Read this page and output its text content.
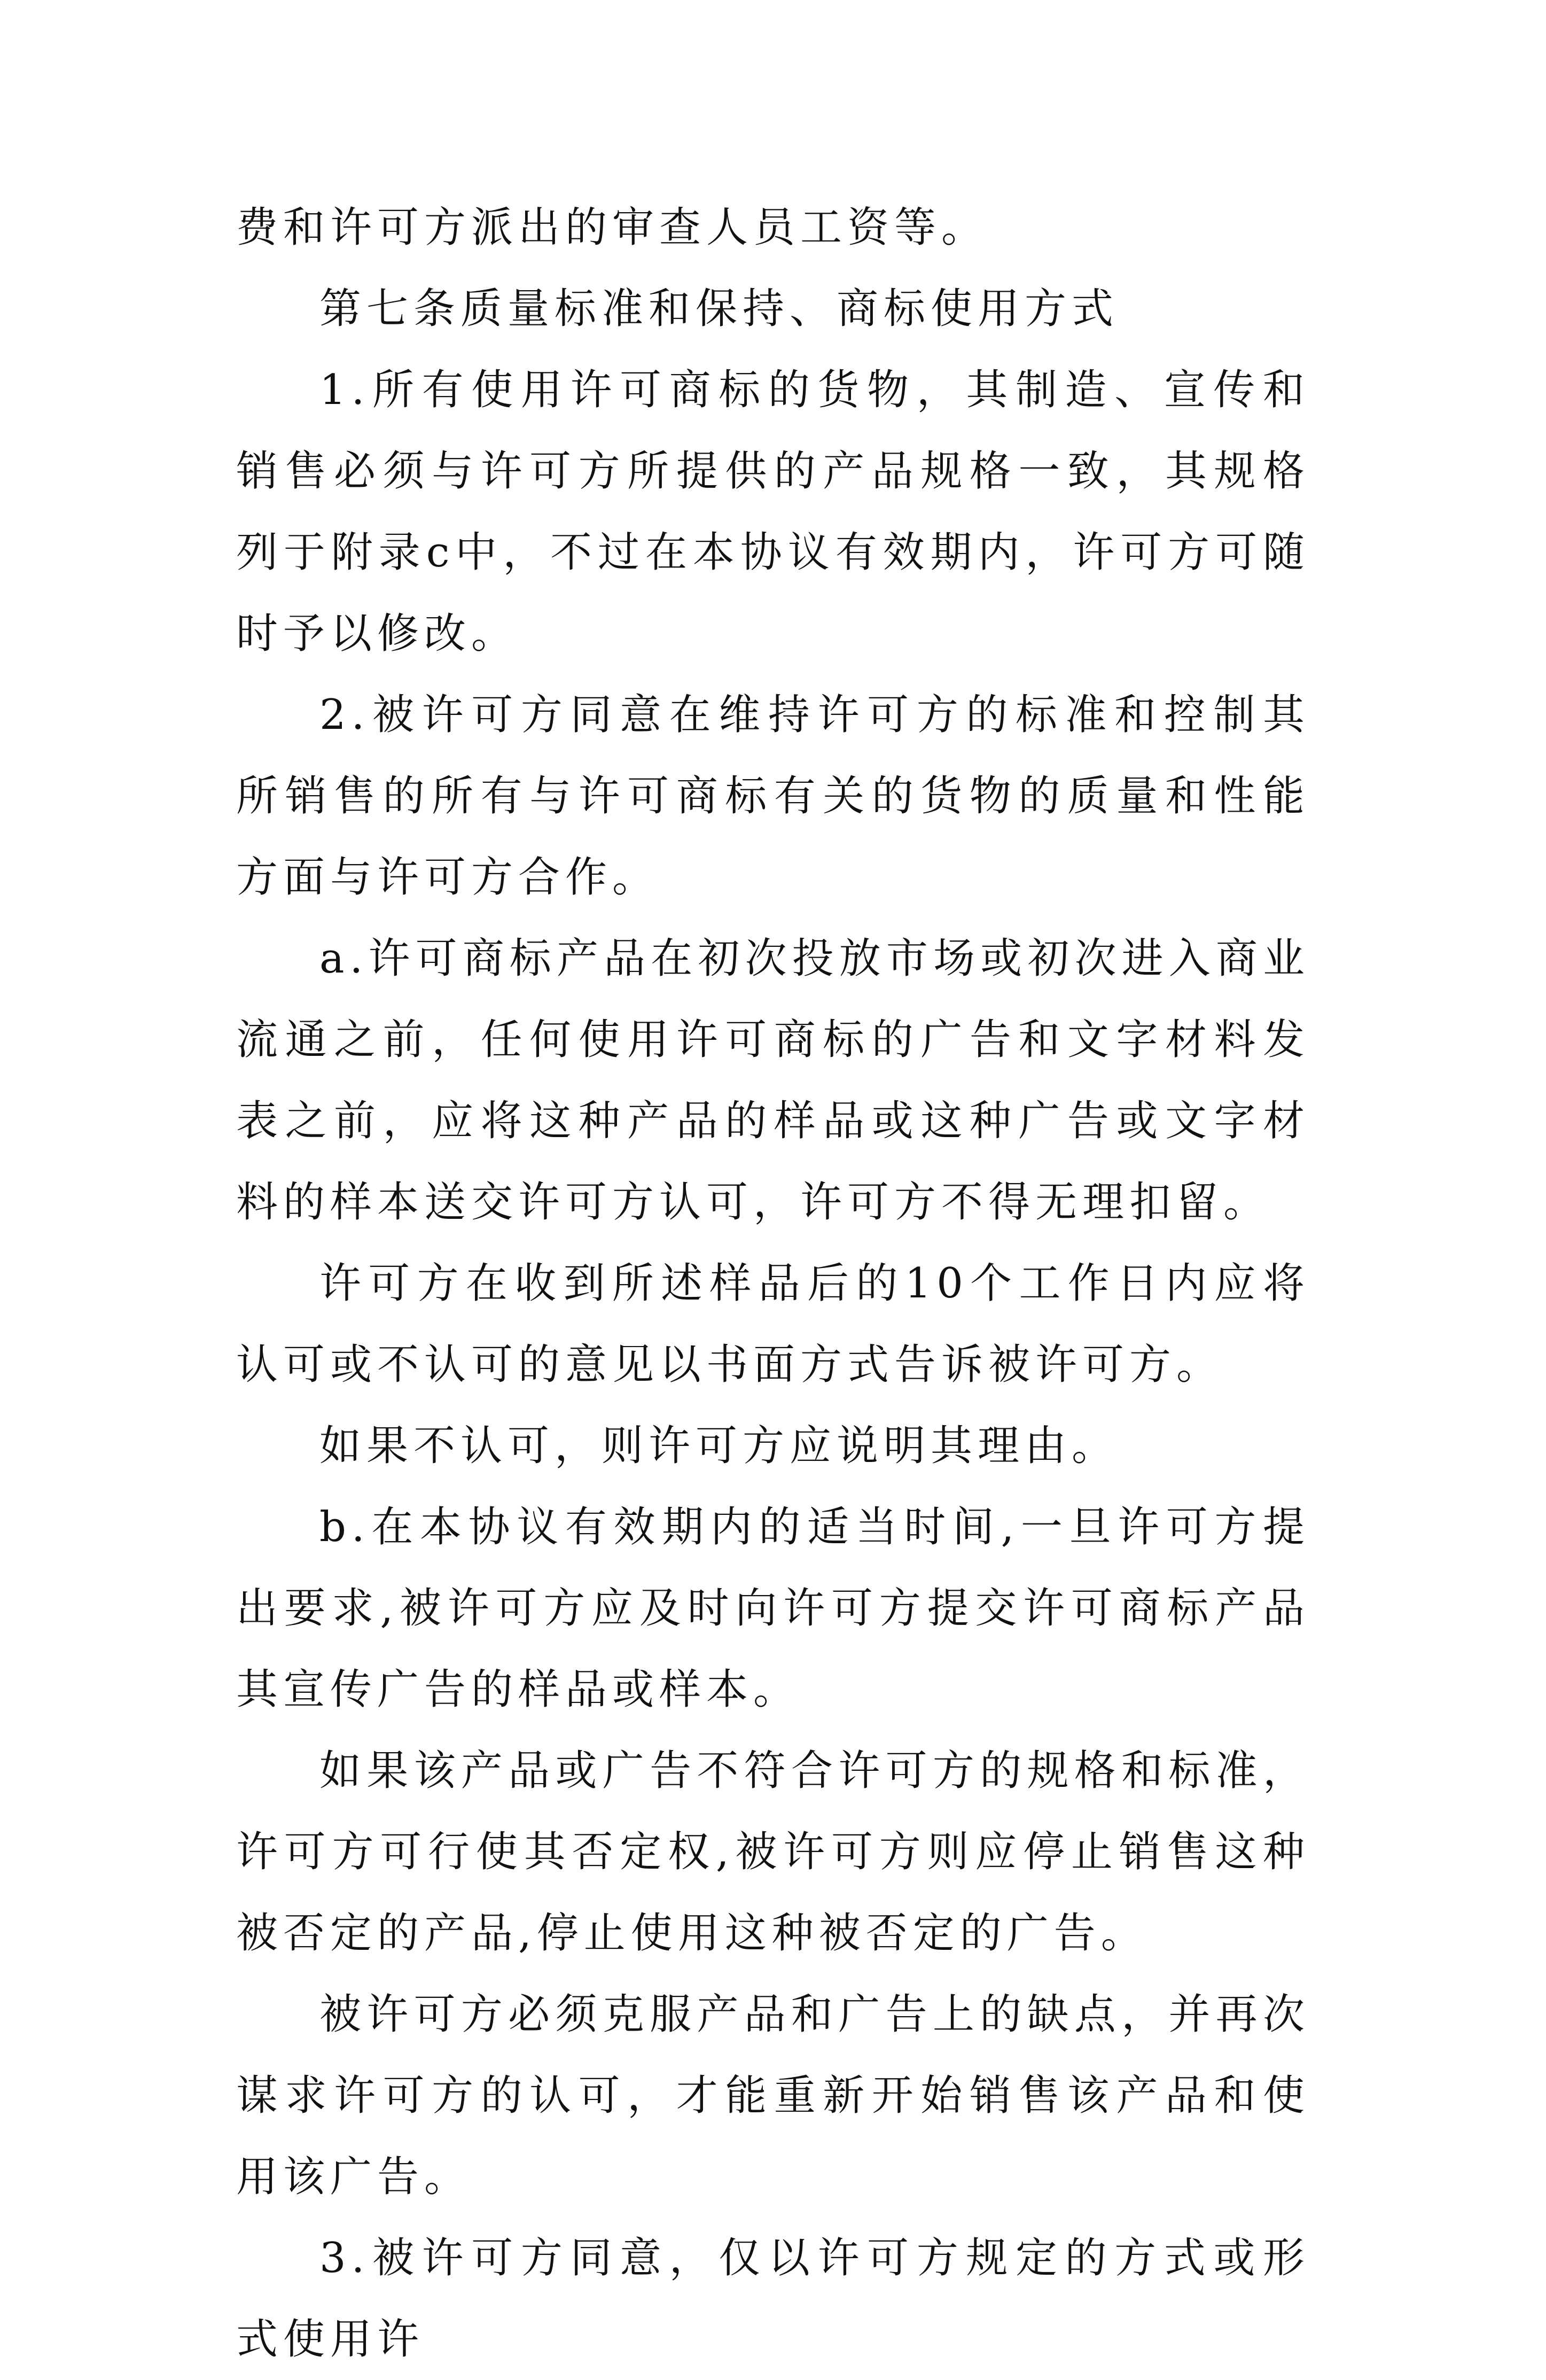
费和许可方派出的审查人员工资等。

第七条质量标准和保持、商标使用方式

1.所有使用许可商标的货物，其制造、宣传和销售必须与许可方所提供的产品规格一致，其规格列于附录c中，不过在本协议有效期内，许可方可随时予以修改。

2.被许可方同意在维持许可方的标准和控制其所销售的所有与许可商标有关的货物的质量和性能方面与许可方合作。

a.许可商标产品在初次投放市场或初次进入商业流通之前，任何使用许可商标的广告和文字材料发表之前，应将这种产品的样品或这种广告或文字材料的样本送交许可方认可，许可方不得无理扣留。

许可方在收到所述样品后的10个工作日内应将认可或不认可的意见以书面方式告诉被许可方。

如果不认可，则许可方应说明其理由。

b.在本协议有效期内的适当时间,一旦许可方提出要求,被许可方应及时向许可方提交许可商标产品其宣传广告的样品或样本。

如果该产品或广告不符合许可方的规格和标准，许可方可行使其否定权,被许可方则应停止销售这种被否定的产品,停止使用这种被否定的广告。

被许可方必须克服产品和广告上的缺点，并再次谋求许可方的认可，才能重新开始销售该产品和使用该广告。

3.被许可方同意，仅以许可方规定的方式或形式使用许
